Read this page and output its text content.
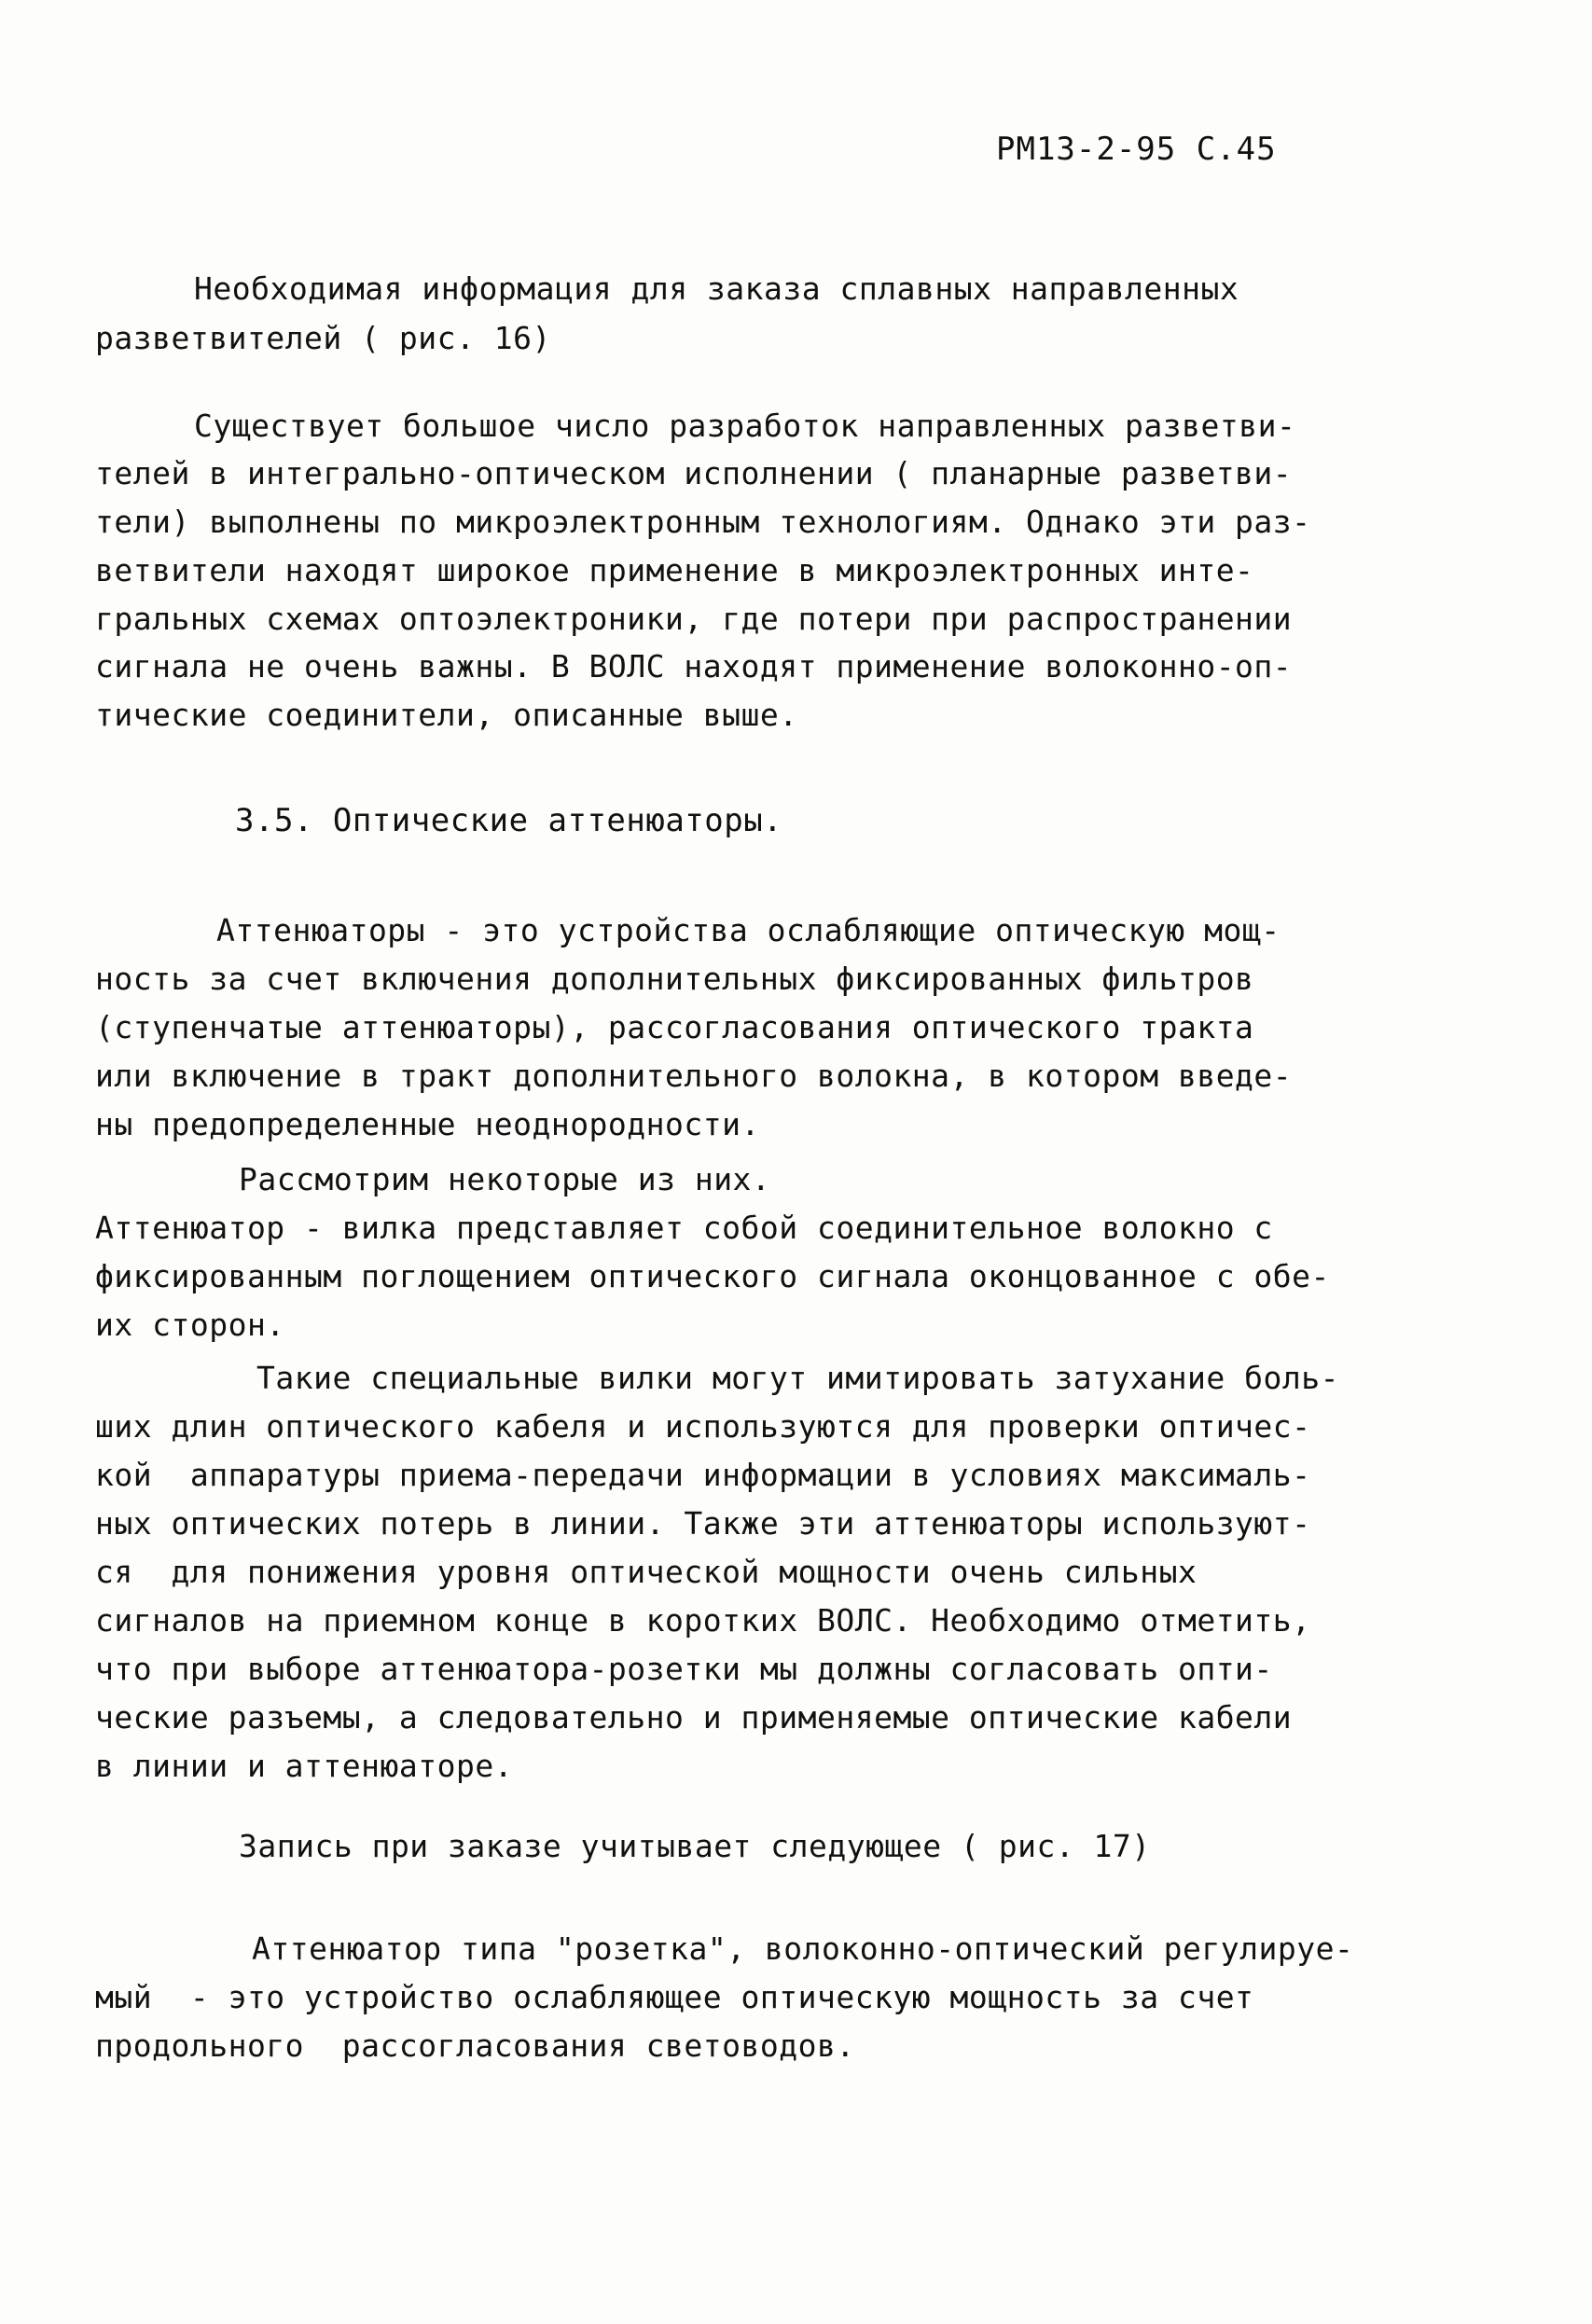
РМ13-2-95 С.45
Необходимая информация для заказа сплавных направленных
разветвителей ( рис. 16)
Существует большое число разработок направленных разветви-
телей в интегрально-оптическом исполнении ( планарные разветви-
тели) выполнены по микроэлектронным технологиям. Однако эти раз-
ветвители находят широкое применение в микроэлектронных инте-
гральных схемах оптоэлектроники, где потери при распространении
сигнала не очень важны. В ВОЛС находят применение волоконно-оп-
тические соединители, описанные выше.
3.5. Оптические аттенюаторы.
Аттенюаторы - это устройства ослабляющие оптическую мощ-
ность за счет включения дополнительных фиксированных фильтров
(ступенчатые аттенюаторы), рассогласования оптического тракта
или включение в тракт дополнительного волокна, в котором введе-
ны предопределенные неоднородности.
Рассмотрим некоторые из них.
Аттенюатор - вилка представляет собой соединительное волокно с
фиксированным поглощением оптического сигнала оконцованное с обе-
их сторон.
Такие специальные вилки могут имитировать затухание боль-
ших длин оптического кабеля и используются для проверки оптичес-
кой  аппаратуры приема-передачи информации в условиях максималь-
ных оптических потерь в линии. Также эти аттенюаторы используют-
ся  для понижения уровня оптической мощности очень сильных
сигналов на приемном конце в коротких ВОЛС. Необходимо отметить,
что при выборе аттенюатора-розетки мы должны согласовать опти-
ческие разъемы, а следовательно и применяемые оптические кабели
в линии и аттенюаторе.
Запись при заказе учитывает следующее ( рис. 17)
Аттенюатор типа "розетка", волоконно-оптический регулируе-
мый  - это устройство ослабляющее оптическую мощность за счет
продольного  рассогласования световодов.
